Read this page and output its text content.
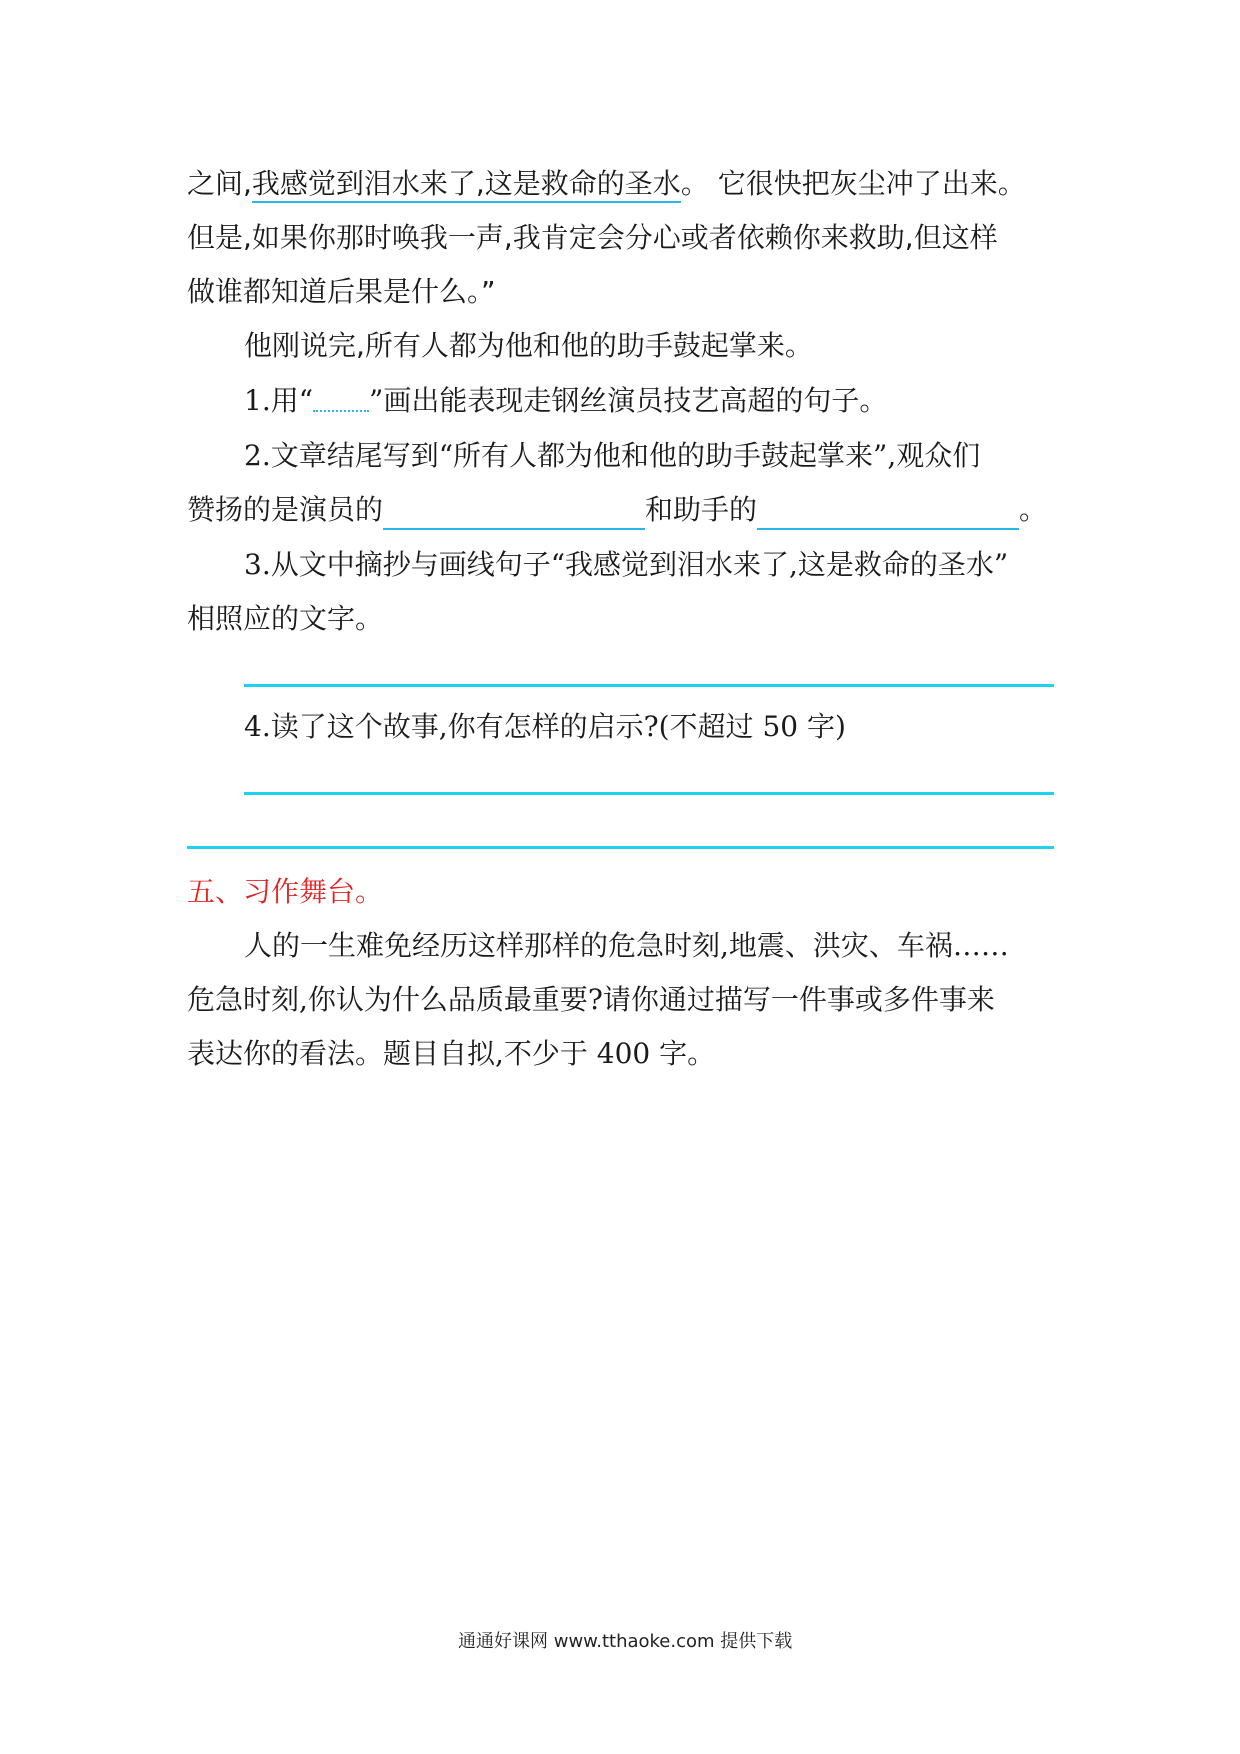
之间,我感觉到泪水来了,这是救命的圣水。 它很快把灰尘冲了出来。
但是,如果你那时唤我一声,我肯定会分心或者依赖你来救助,但这样
做谁都知道后果是什么。”
他刚说完,所有人都为他和他的助手鼓起掌来。
1.用“ ”画出能表现走钢丝演员技艺高超的句子。
2.文章结尾写到“所有人都为他和他的助手鼓起掌来”,观众们
赞扬的是演员的	和助手的	。
3.从文中摘抄与画线句子“我感觉到泪水来了,这是救命的圣水”
相照应的文字。
4.读了这个故事,你有怎样的启示?(不超过 50 字)
五、习作舞台。
人的一生难免经历这样那样的危急时刻,地震、洪灾、车祸……
危急时刻,你认为什么品质最重要?请你通过描写一件事或多件事来
表达你的看法。题目自拟,不少于 400 字。
通通好课网 www.tthaoke.com 提供下载
